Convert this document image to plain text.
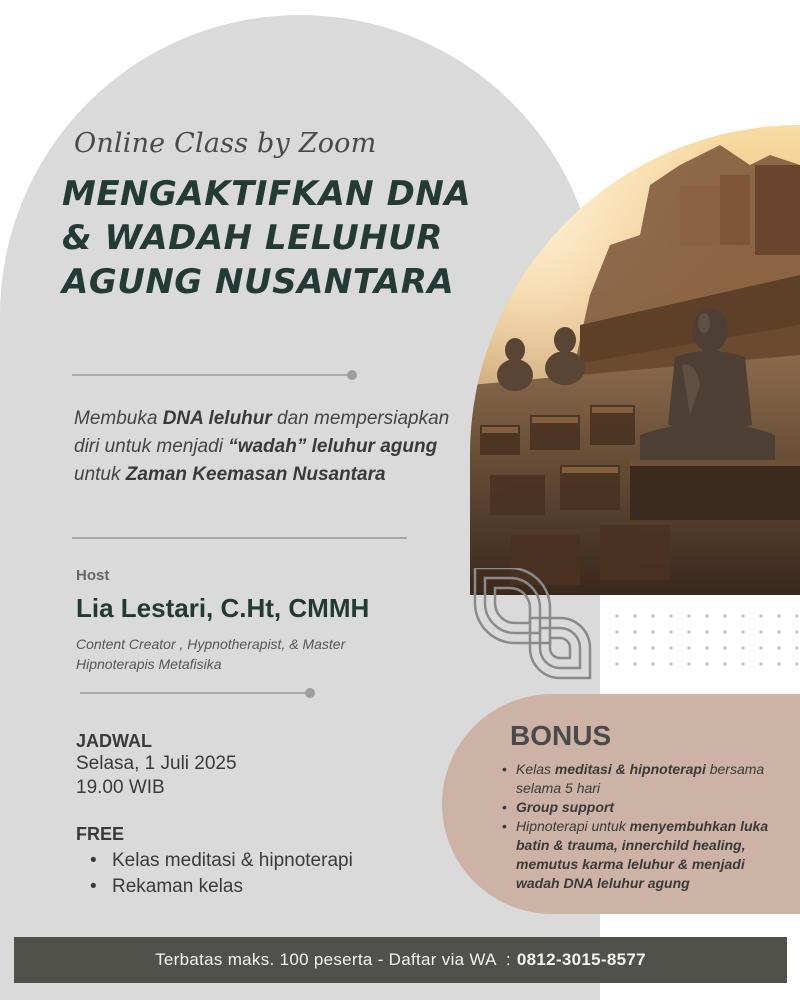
Online Class by Zoom
MENGAKTIFKAN DNA & WADAH LELUHUR AGUNG NUSANTARA
Membuka DNA leluhur dan mempersiapkan diri untuk menjadi “wadah” leluhur agung untuk Zaman Keemasan Nusantara
Host
Lia Lestari, C.Ht, CMMH
Content Creator , Hypnotherapist, & Master Hipnoterapis Metafisika
JADWAL
Selasa, 1 Juli 2025
19.00 WIB
FREE
• Kelas meditasi & hipnoterapi
• Rekaman kelas
BONUS
• Kelas meditasi & hipnoterapi bersama selama 5 hari
• Group support
• Hipnoterapi untuk menyembuhkan luka batin & trauma, innerchild healing, memutus karma leluhur & menjadi wadah DNA leluhur agung
Terbatas maks. 100 peserta - Daftar via WA  : 0812-3015-8577
